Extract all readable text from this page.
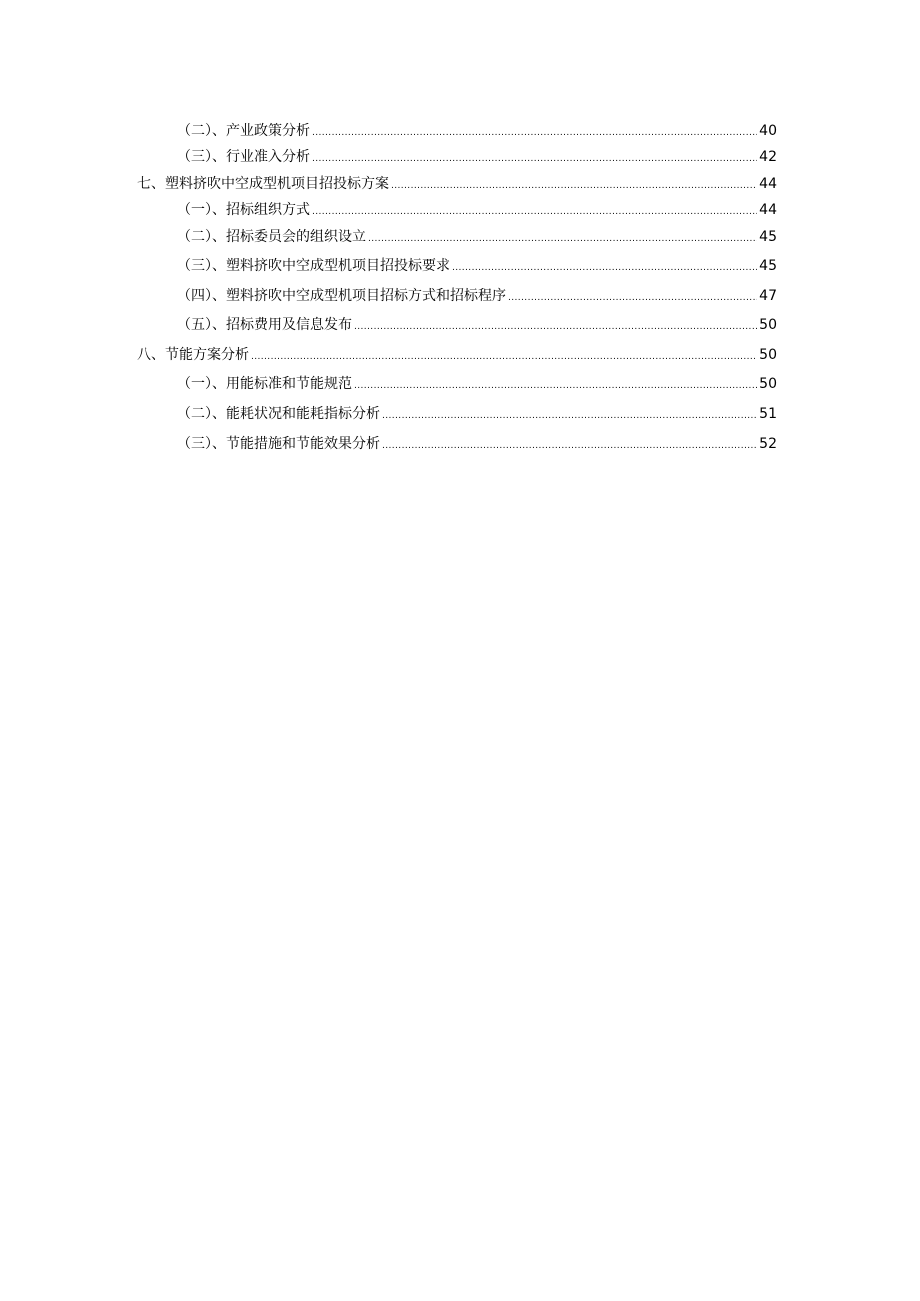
（二）、产业政策分析 .....	40
（三）、行业准入分析 .....	42
七、塑料挤吹中空成型机项目招投标方案 .....	44
（一）、招标组织方式 .....	44
（二）、招标委员会的组织设立 .....	45
（三）、塑料挤吹中空成型机项目招投标要求 .....	45
（四）、塑料挤吹中空成型机项目招标方式和招标程序 .....	47
（五）、招标费用及信息发布 .....	50
八、节能方案分析 .....	50
（一）、用能标准和节能规范 .....	50
（二）、能耗状况和能耗指标分析 .....	51
（三）、节能措施和节能效果分析 .....	52
